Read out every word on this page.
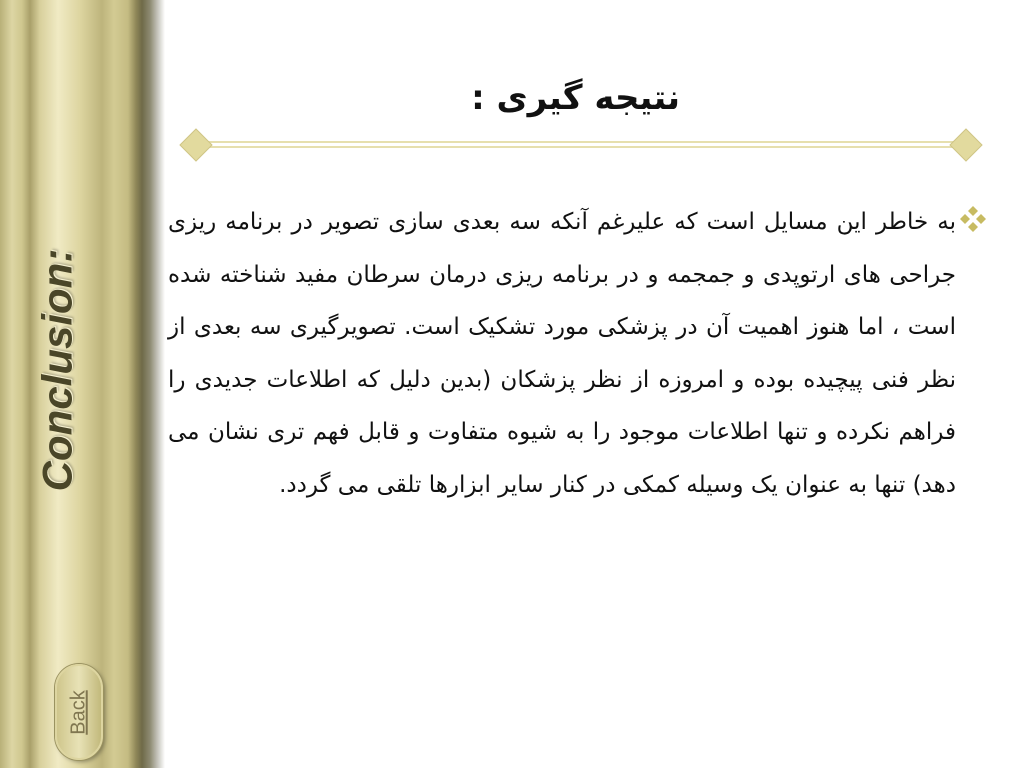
Conclusion:
Back
نتیجه گیری :
به خاطر این مسایل است که علیرغم آنکه سه بعدی سازی تصویر در برنامه ریزی جراحی های ارتوپدی و جمجمه و در برنامه ریزی درمان سرطان مفید شناخته شده است ، اما هنوز اهمیت آن در پزشکی مورد تشکیک است. تصویرگیری سه بعدی از نظر فنی پیچیده بوده و امروزه از نظر پزشکان (بدین دلیل که اطلاعات جدیدی را فراهم نکرده و تنها اطلاعات موجود را به شیوه متفاوت و قابل فهم تری نشان می دهد) تنها به عنوان یک وسیله کمکی در کنار سایر ابزارها تلقی می گردد.
